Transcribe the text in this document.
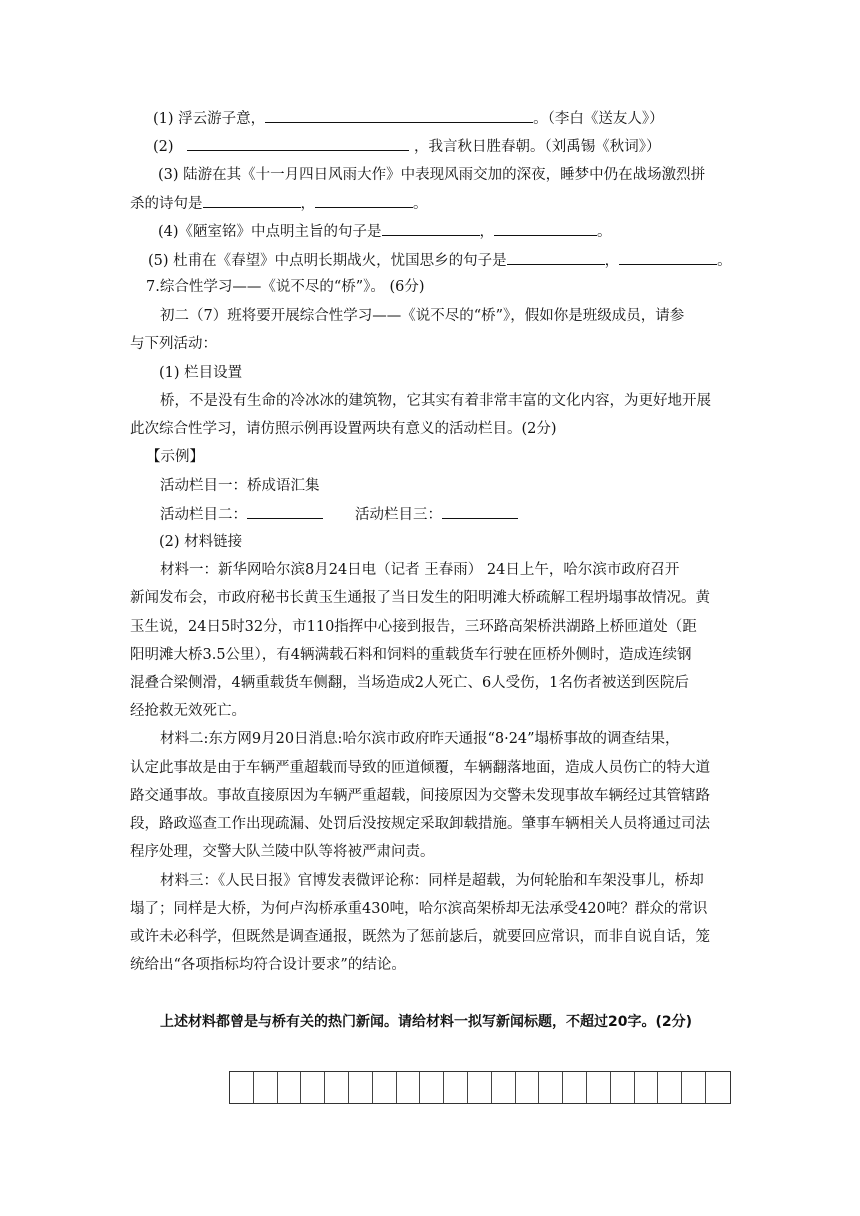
(1) 浮云游子意，	。（李白《送友人》）
(2)	，我言秋日胜春朝。（刘禹锡《秋词》）
(3) 陆游在其《十一月四日风雨大作》中表现风雨交加的深夜，睡梦中仍在战场激烈拼
杀的诗句是	，	。
(4)《陋室铭》中点明主旨的句子是	，	。
(5) 杜甫在《春望》中点明长期战火，忧国思乡的句子是	，	。
7.综合性学习——《说不尽的“桥”》。 (6分)
初二（7）班将要开展综合性学习——《说不尽的“桥”》，假如你是班级成员，请参
与下列活动：
(1) 栏目设置
桥，不是没有生命的冷冰冰的建筑物，它其实有着非常丰富的文化内容，为更好地开展
此次综合性学习，请仿照示例再设置两块有意义的活动栏目。(2分)
【示例】
活动栏目一：桥成语汇集
活动栏目二：	活动栏目三：
(2) 材料链接
材料一：新华网哈尔滨8月24日电（记者 王春雨） 24日上午，哈尔滨市政府召开
新闻发布会，市政府秘书长黄玉生通报了当日发生的阳明滩大桥疏解工程坍塌事故情况。黄
玉生说，24日5时32分，市110指挥中心接到报告，三环路高架桥洪湖路上桥匝道处（距
阳明滩大桥3.5公里），有4辆满载石料和饲料的重载货车行驶在匝桥外侧时，造成连续钢
混叠合梁侧滑，4辆重载货车侧翻，当场造成2人死亡、6人受伤，1名伤者被送到医院后
经抢救无效死亡。
材料二:东方网9月20日消息:哈尔滨市政府昨天通报“8·24”塌桥事故的调查结果，
认定此事故是由于车辆严重超载而导致的匝道倾覆，车辆翻落地面，造成人员伤亡的特大道
路交通事故。事故直接原因为车辆严重超载，间接原因为交警未发现事故车辆经过其管辖路
段，路政巡查工作出现疏漏、处罚后没按规定采取卸载措施。肇事车辆相关人员将通过司法
程序处理，交警大队兰陵中队等将被严肃问责。
材料三：《人民日报》官博发表微评论称：同样是超载，为何轮胎和车架没事儿，桥却
塌了；同样是大桥，为何卢沟桥承重430吨，哈尔滨高架桥却无法承受420吨？群众的常识
或许未必科学，但既然是调查通报，既然为了惩前毖后，就要回应常识，而非自说自话，笼
统给出“各项指标均符合设计要求”的结论。
上述材料都曾是与桥有关的热门新闻。请给材料一拟写新闻标题，不超过20字。(2分)
